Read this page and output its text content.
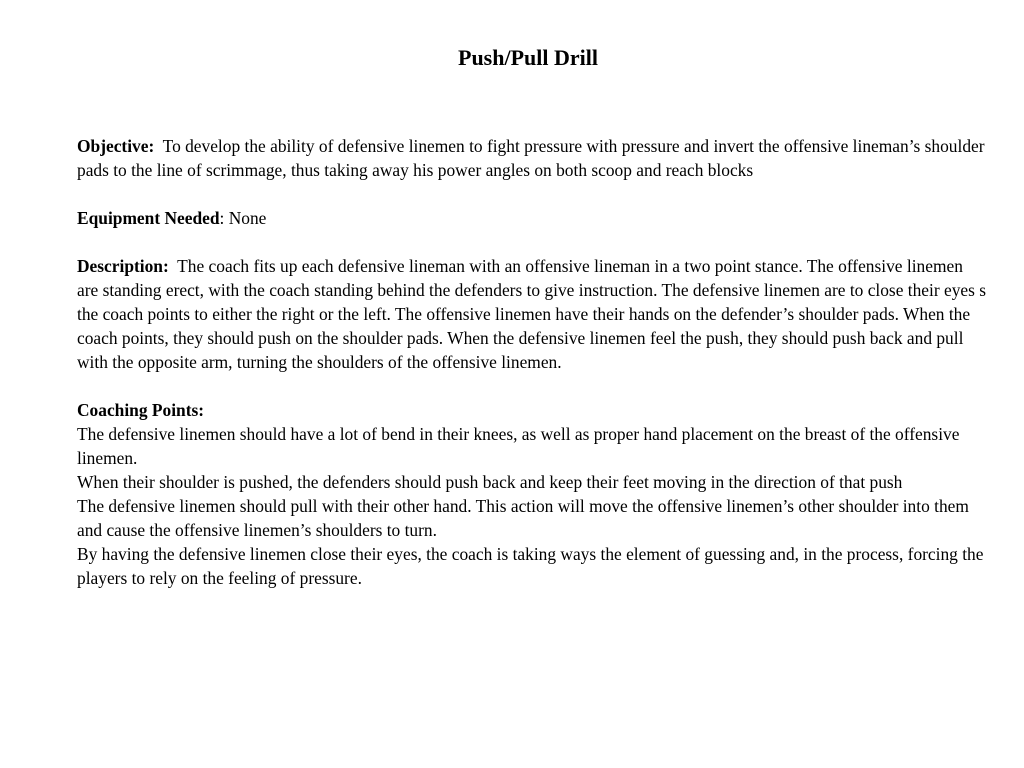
Push/Pull Drill

Objective: To develop the ability of defensive linemen to fight pressure with pressure and invert the offensive lineman’s shoulder pads to the line of scrimmage, thus taking away his power angles on both scoop and reach blocks

Equipment Needed: None

Description: The coach fits up each defensive lineman with an offensive lineman in a two point stance. The offensive linemen are standing erect, with the coach standing behind the defenders to give instruction. The defensive linemen are to close their eyes s the coach points to either the right or the left. The offensive linemen have their hands on the defender’s shoulder pads. When the coach points, they should push on the shoulder pads. When the defensive linemen feel the push, they should push back and pull with the opposite arm, turning the shoulders of the offensive linemen.

Coaching Points:

The defensive linemen should have a lot of bend in their knees, as well as proper hand placement on the breast of the offensive linemen.

When their shoulder is pushed, the defenders should push back and keep their feet moving in the direction of that push

The defensive linemen should pull with their other hand. This action will move the offensive linemen’s other shoulder into them and cause the offensive linemen’s shoulders to turn.

By having the defensive linemen close their eyes, the coach is taking ways the element of guessing and, in the process, forcing the players to rely on the feeling of pressure.
